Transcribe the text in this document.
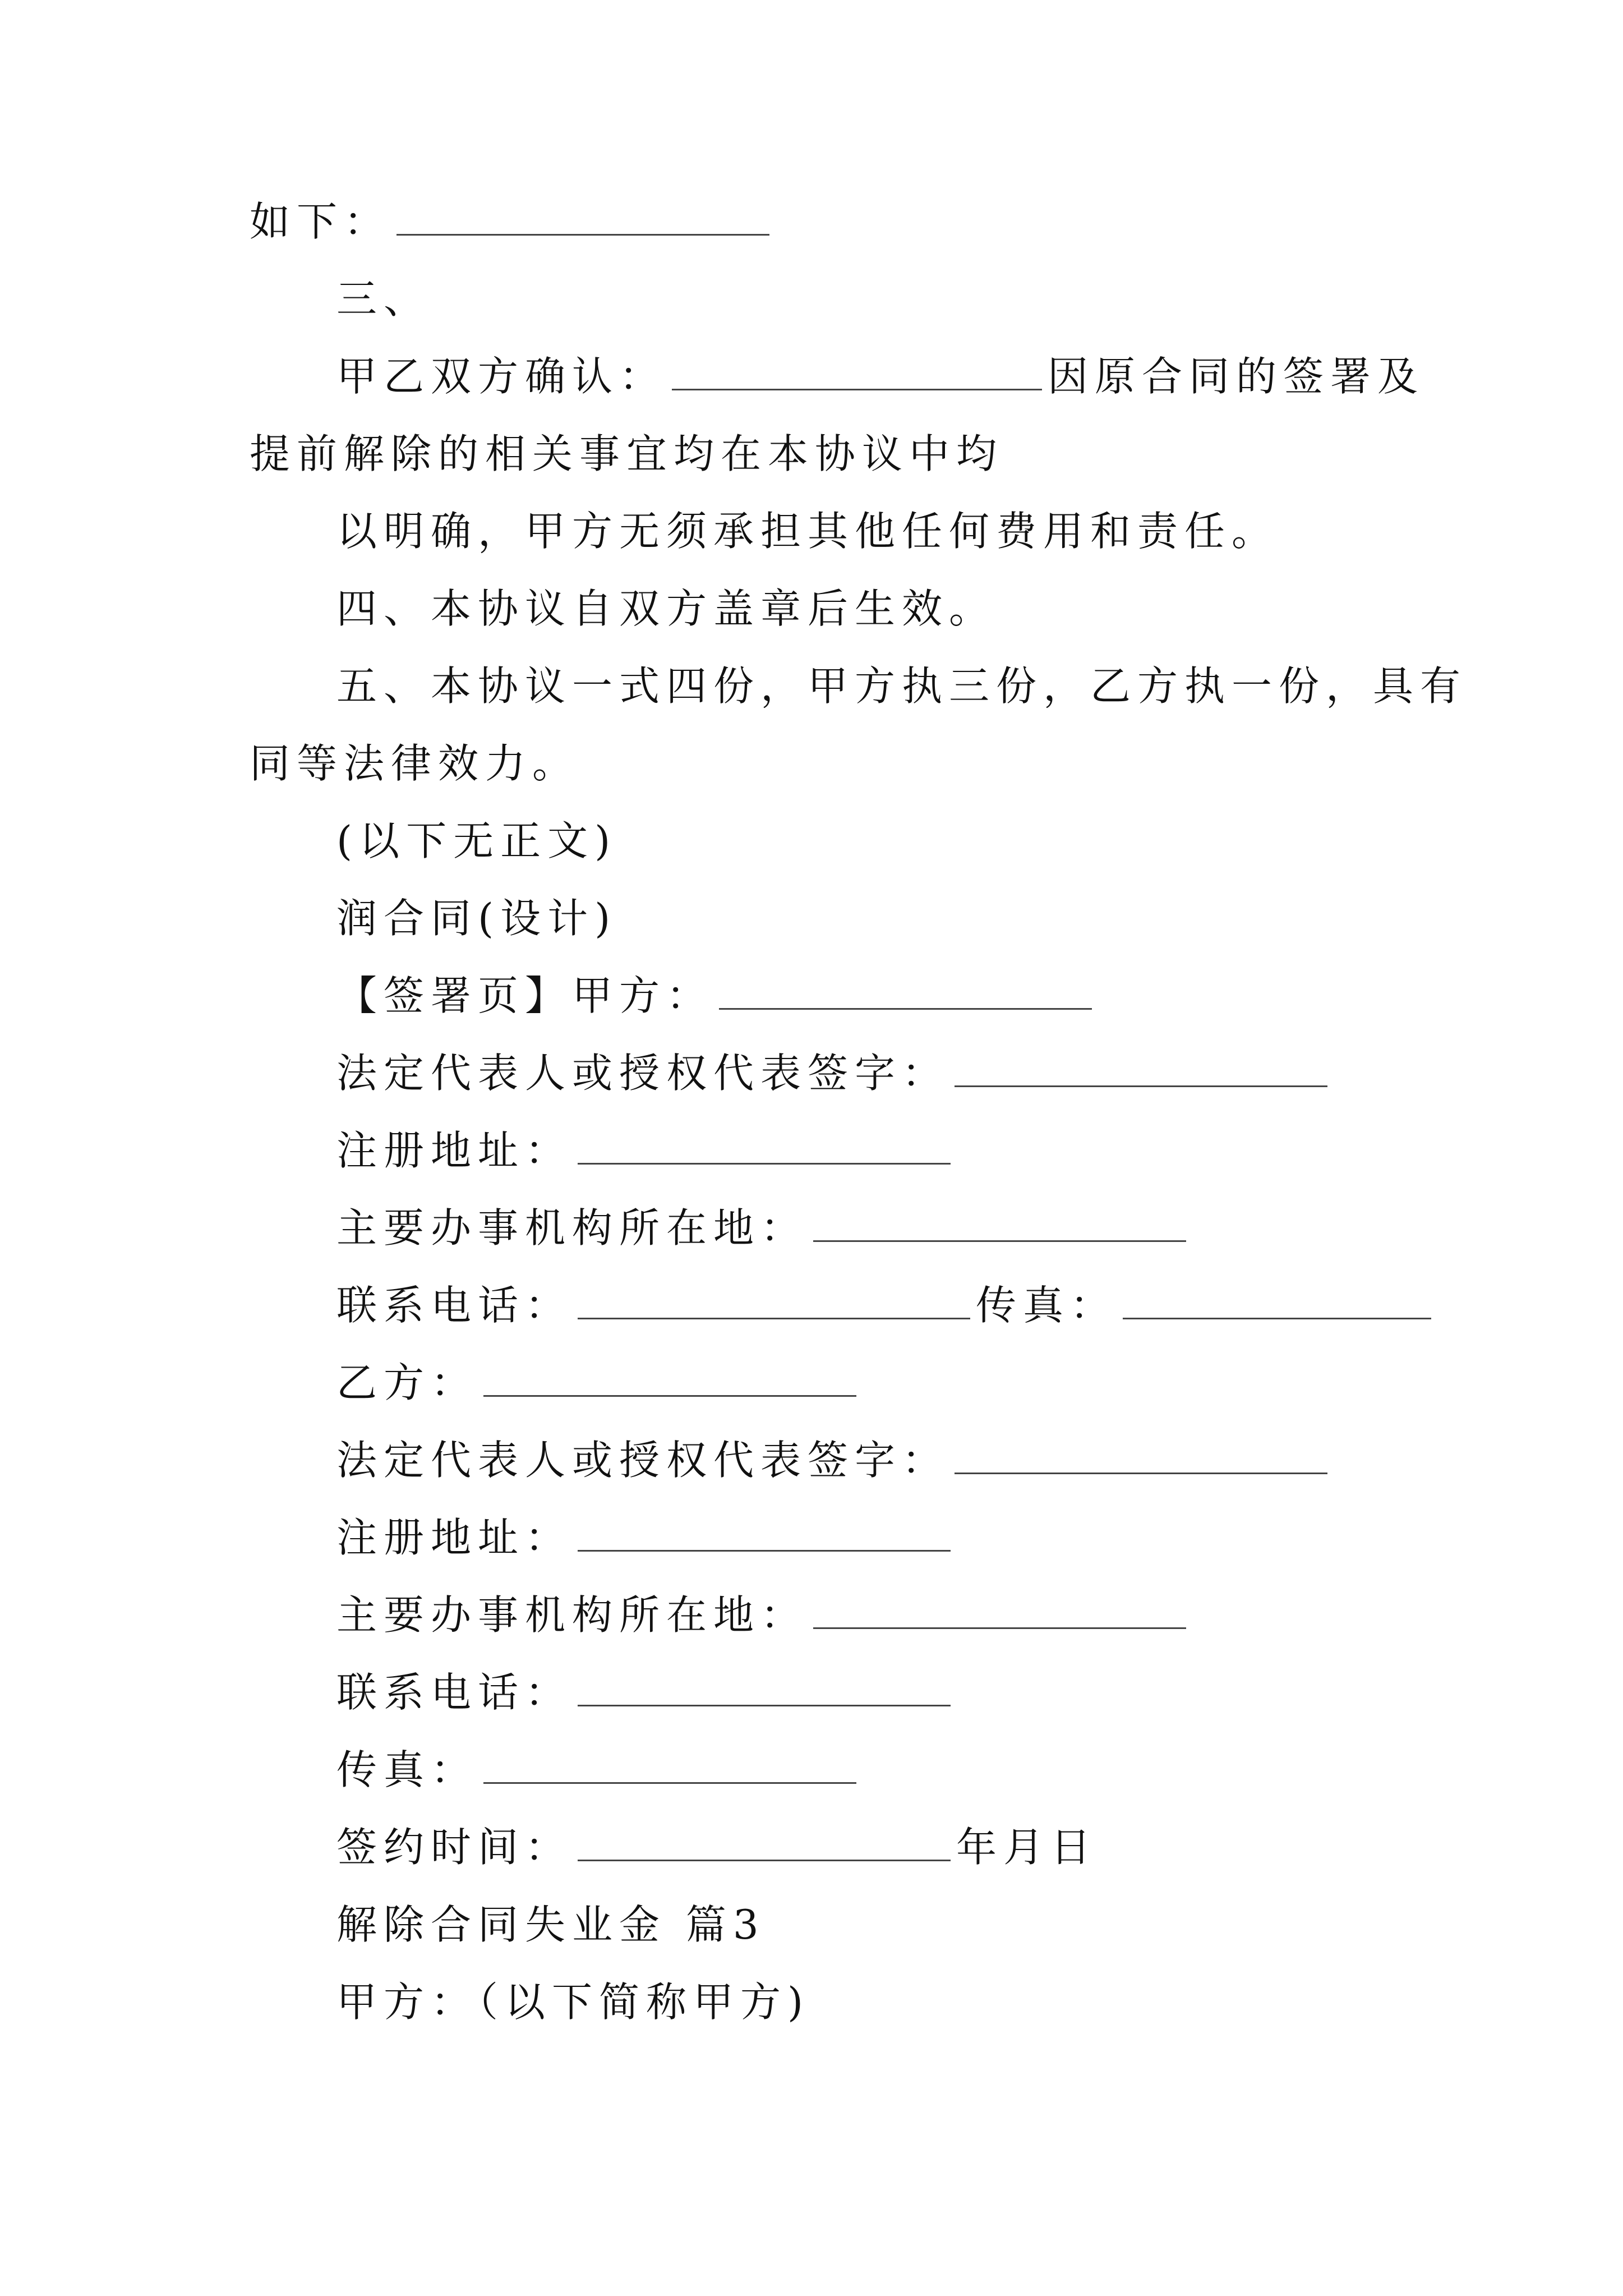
如下：
三、
甲乙双方确认：	因原合同的签署及
提前解除的相关事宜均在本协议中均
以明确，甲方无须承担其他任何费用和责任。
四、本协议自双方盖章后生效。
五、本协议一式四份，甲方执三份，乙方执一份，具有
同等法律效力。
(以下无正文)
润合同(设计)
【签署页】甲方：
法定代表人或授权代表签字：
注册地址：
主要办事机构所在地：
联系电话：	传真：
乙方：
法定代表人或授权代表签字：
注册地址：
主要办事机构所在地：
联系电话：
传真：
签约时间：	年月日
解除合同失业金 篇3
甲方：（以下简称甲方)
